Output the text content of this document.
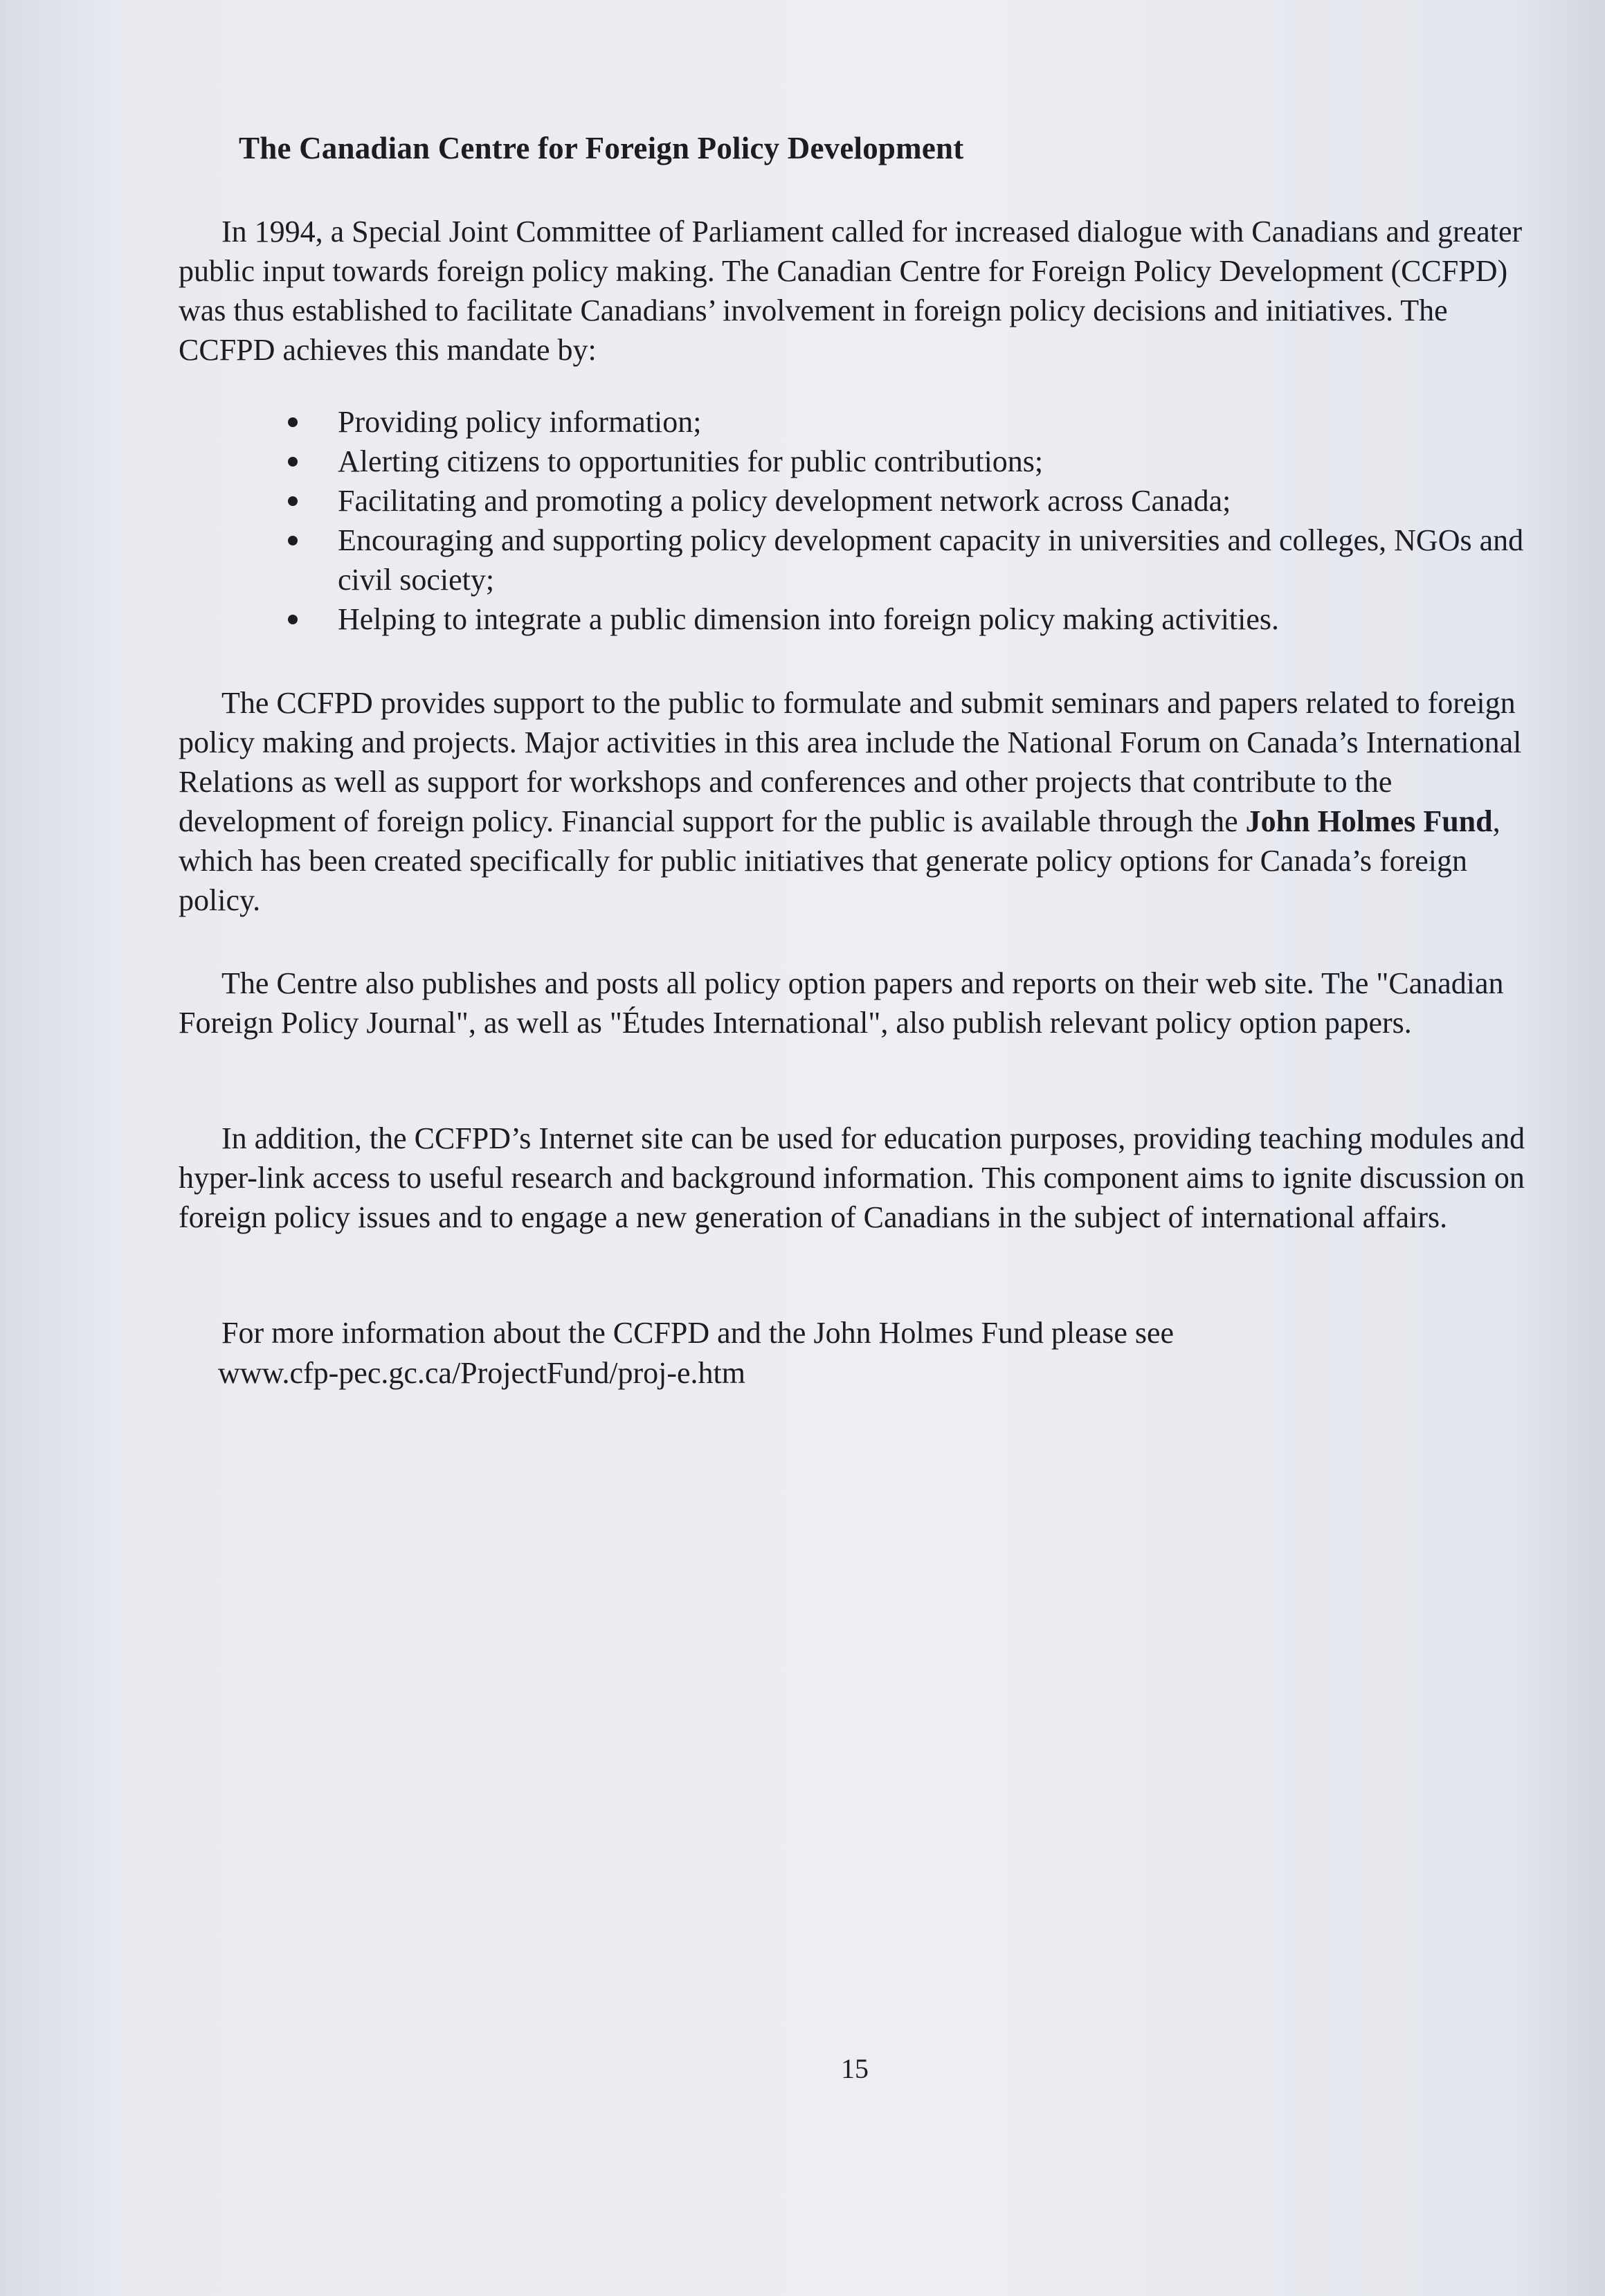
The Canadian Centre for Foreign Policy Development

In 1994, a Special Joint Committee of Parliament called for increased dialogue with Canadians and greater public input towards foreign policy making. The Canadian Centre for Foreign Policy Development (CCFPD) was thus established to facilitate Canadians’ involvement in foreign policy decisions and initiatives. The CCFPD achieves this mandate by:

Providing policy information;
Alerting citizens to opportunities for public contributions;
Facilitating and promoting a policy development network across Canada;
Encouraging and supporting policy development capacity in universities and colleges, NGOs and civil society;
Helping to integrate a public dimension into foreign policy making activities.

The CCFPD provides support to the public to formulate and submit seminars and papers related to foreign policy making and projects. Major activities in this area include the National Forum on Canada’s International Relations as well as support for workshops and conferences and other projects that contribute to the development of foreign policy. Financial support for the public is available through the John Holmes Fund, which has been created specifically for public initiatives that generate policy options for Canada’s foreign policy.

The Centre also publishes and posts all policy option papers and reports on their web site. The "Canadian Foreign Policy Journal", as well as "Études International", also publish relevant policy option papers.

In addition, the CCFPD’s Internet site can be used for education purposes, providing teaching modules and hyper-link access to useful research and background information. This component aims to ignite discussion on foreign policy issues and to engage a new generation of Canadians in the subject of international affairs.

For more information about the CCFPD and the John Holmes Fund please see

www.cfp-pec.gc.ca/ProjectFund/proj-e.htm

15
